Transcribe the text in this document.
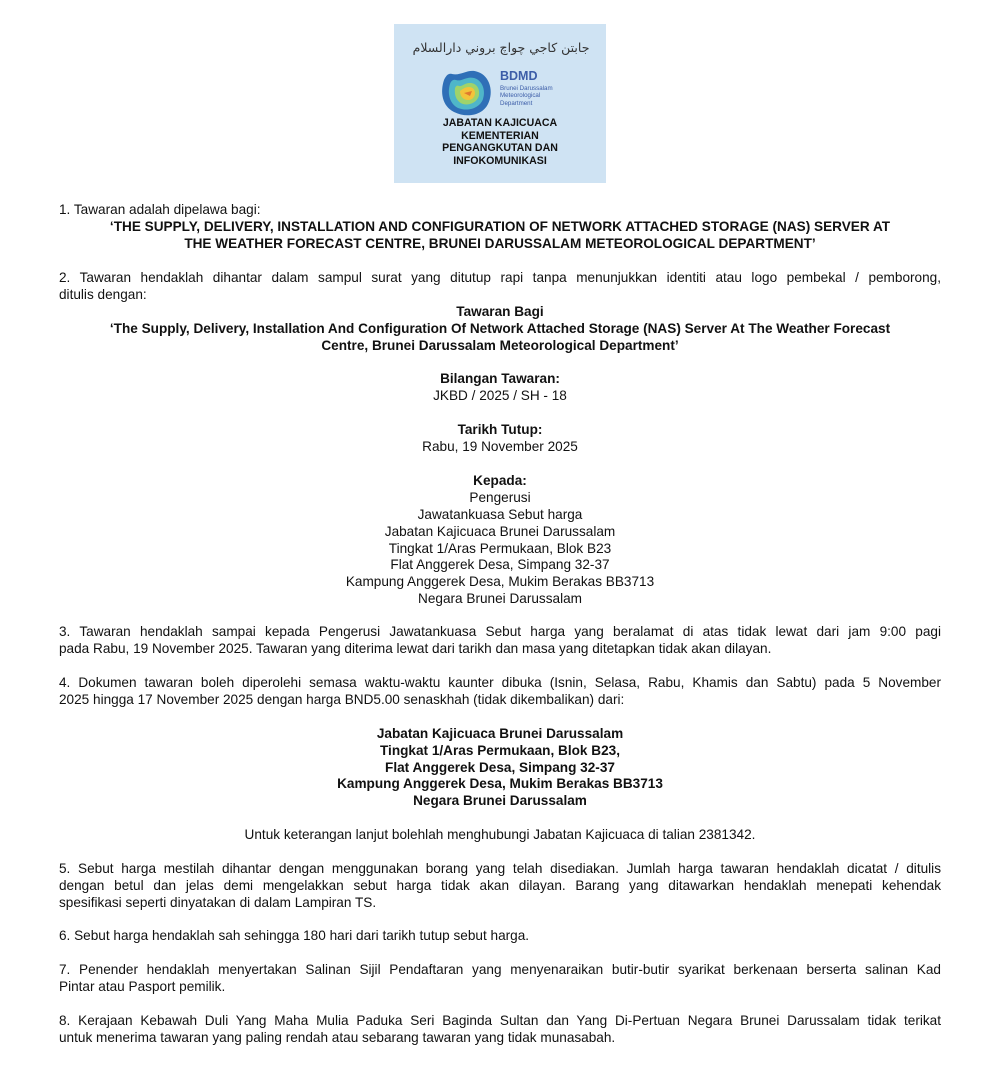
جابتن كاجي چواچ بروني دارالسلام
BDMD
Brunei Darussalam
Meteorological
Department
JABATAN KAJICUACA
KEMENTERIAN
PENGANGKUTAN DAN
INFOKOMUNIKASI

1. Tawaran adalah dipelawa bagi:

‘THE SUPPLY, DELIVERY, INSTALLATION AND CONFIGURATION OF NETWORK ATTACHED STORAGE (NAS) SERVER AT

THE WEATHER FORECAST CENTRE, BRUNEI DARUSSALAM METEOROLOGICAL DEPARTMENT’

2. Tawaran hendaklah dihantar dalam sampul surat yang ditutup rapi tanpa menunjukkan identiti atau logo pembekal / pemborong,

ditulis dengan:

Tawaran Bagi

‘The Supply, Delivery, Installation And Configuration Of Network Attached Storage (NAS) Server At The Weather Forecast

Centre, Brunei Darussalam Meteorological Department’

Bilangan Tawaran:

JKBD / 2025 / SH - 18

Tarikh Tutup:

Rabu, 19 November 2025

Kepada:

Pengerusi

Jawatankuasa Sebut harga

Jabatan Kajicuaca Brunei Darussalam

Tingkat 1/Aras Permukaan, Blok B23

Flat Anggerek Desa, Simpang 32-37

Kampung Anggerek Desa, Mukim Berakas BB3713

Negara Brunei Darussalam

3. Tawaran hendaklah sampai kepada Pengerusi Jawatankuasa Sebut harga yang beralamat di atas tidak lewat dari jam 9:00 pagi

pada Rabu, 19 November 2025. Tawaran yang diterima lewat dari tarikh dan masa yang ditetapkan tidak akan dilayan.

4. Dokumen tawaran boleh diperolehi semasa waktu-waktu kaunter dibuka (Isnin, Selasa, Rabu, Khamis dan Sabtu) pada 5 November

2025 hingga 17 November 2025 dengan harga BND5.00 senaskhah (tidak dikembalikan) dari:

Jabatan Kajicuaca Brunei Darussalam

Tingkat 1/Aras Permukaan, Blok B23,

Flat Anggerek Desa, Simpang 32-37

Kampung Anggerek Desa, Mukim Berakas BB3713

Negara Brunei Darussalam

Untuk keterangan lanjut bolehlah menghubungi Jabatan Kajicuaca di talian 2381342.

5. Sebut harga mestilah dihantar dengan menggunakan borang yang telah disediakan. Jumlah harga tawaran hendaklah dicatat / ditulis

dengan betul dan jelas demi mengelakkan sebut harga tidak akan dilayan. Barang yang ditawarkan hendaklah menepati kehendak

spesifikasi seperti dinyatakan di dalam Lampiran TS.

6. Sebut harga hendaklah sah sehingga 180 hari dari tarikh tutup sebut harga.

7. Penender hendaklah menyertakan Salinan Sijil Pendaftaran yang menyenaraikan butir-butir syarikat berkenaan berserta salinan Kad

Pintar atau Pasport pemilik.

8. Kerajaan Kebawah Duli Yang Maha Mulia Paduka Seri Baginda Sultan dan Yang Di-Pertuan Negara Brunei Darussalam tidak terikat

untuk menerima tawaran yang paling rendah atau sebarang tawaran yang tidak munasabah.
